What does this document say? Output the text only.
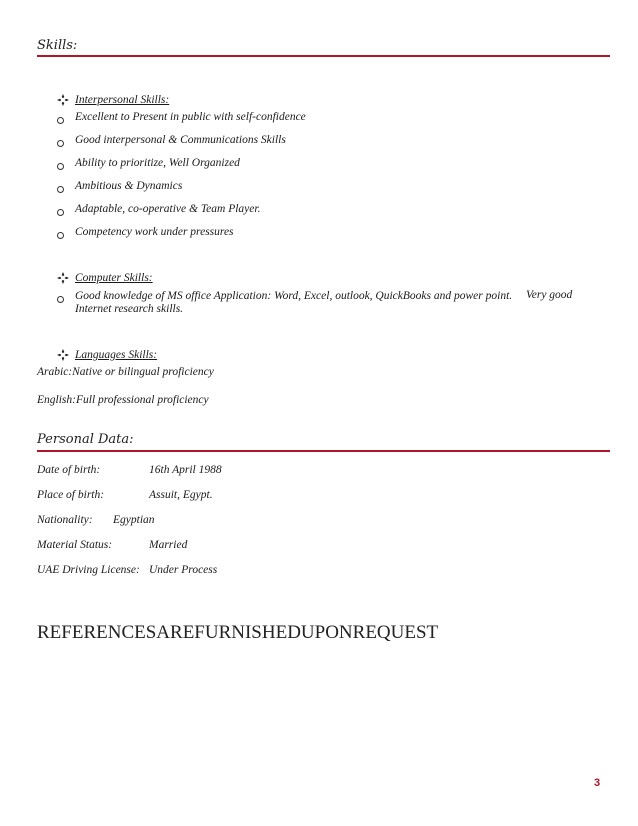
Skills:
Interpersonal Skills:
Excellent to Present in public with self-confidence
Good interpersonal & Communications Skills
Ability to prioritize, Well Organized
Ambitious & Dynamics
Adaptable, co-operative & Team Player.
Competency work under pressures
Computer Skills:
Good knowledge of MS office Application: Word, Excel, outlook, QuickBooks and power point. Very good
Internet research skills.
Languages Skills:
Arabic:Native or bilingual proficiency
English:Full professional proficiency
Personal Data:
Date of birth:	16th April 1988
Place of birth:	Assuit, Egypt.
Nationality: Egyptian
Material Status:	Married
UAE Driving License: Under Process
REFERENCESAREFURNISHEDUPONREQUEST
3
